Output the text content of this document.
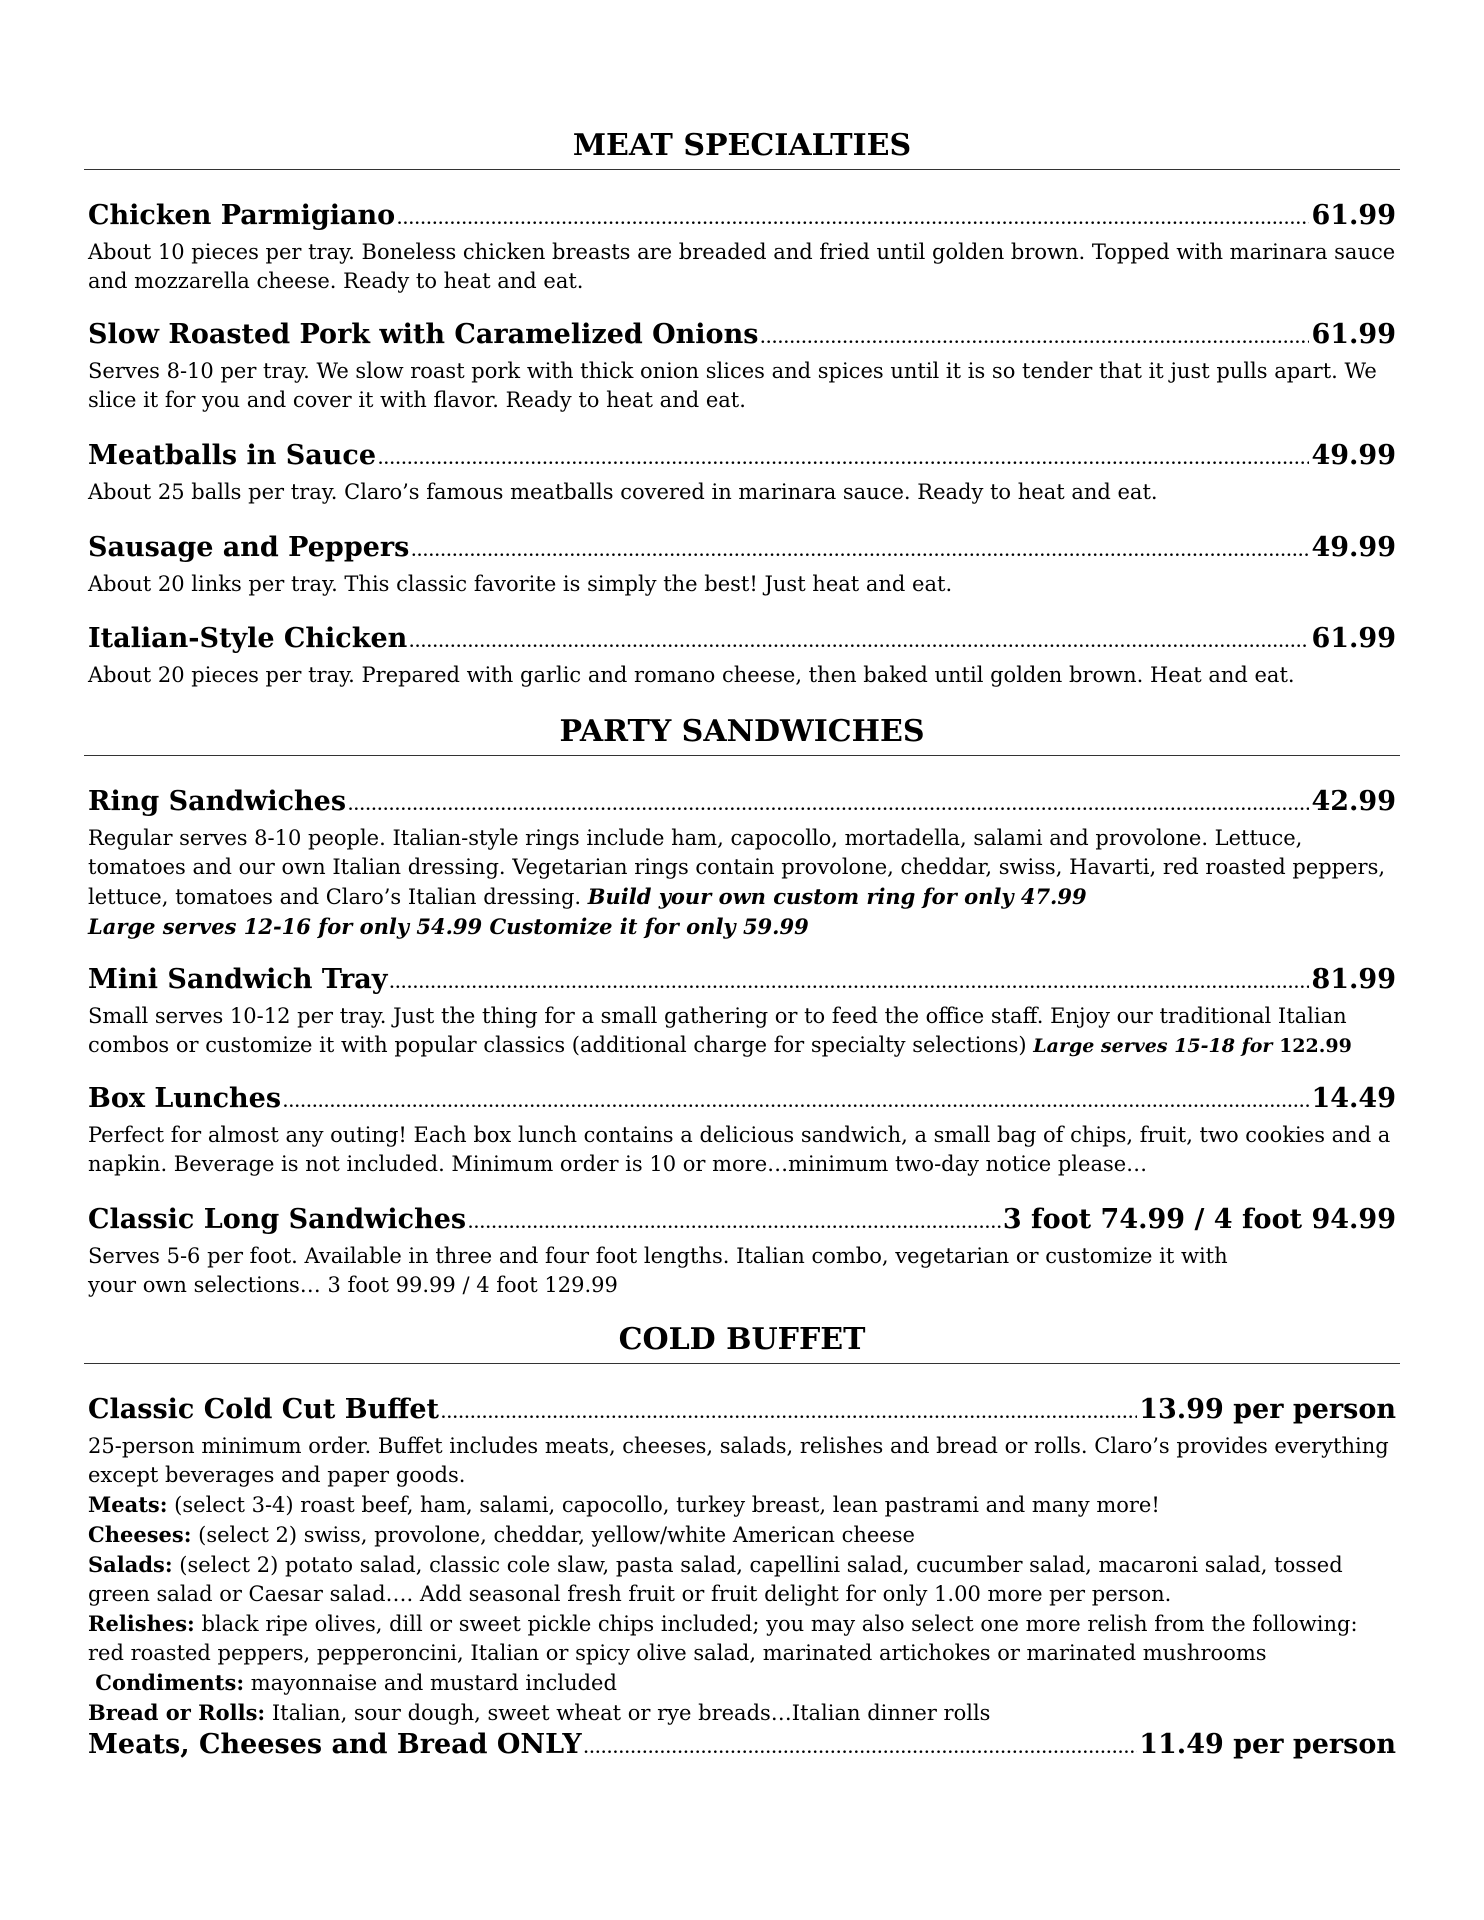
MEAT SPECIALTIES
Chicken Parmigiano .....	61.99
About 10 pieces per tray. Boneless chicken breasts are breaded and fried until golden brown. Topped with marinara sauce and mozzarella cheese. Ready to heat and eat.
Slow Roasted Pork with Caramelized Onions .....	61.99
Serves 8-10 per tray. We slow roast pork with thick onion slices and spices until it is so tender that it just pulls apart. We slice it for you and cover it with flavor. Ready to heat and eat.
Meatballs in Sauce .....	49.99
About 25 balls per tray. Claro’s famous meatballs covered in marinara sauce. Ready to heat and eat.
Sausage and Peppers .....	49.99
About 20 links per tray. This classic favorite is simply the best! Just heat and eat.
Italian-Style Chicken .....	61.99
About 20 pieces per tray. Prepared with garlic and romano cheese, then baked until golden brown. Heat and eat.
PARTY SANDWICHES
Ring Sandwiches .....	42.99
Regular serves 8-10 people. Italian-style rings include ham, capocollo, mortadella, salami and provolone. Lettuce, tomatoes and our own Italian dressing. Vegetarian rings contain provolone, cheddar, swiss, Havarti, red roasted peppers, lettuce, tomatoes and Claro’s Italian dressing. Build your own custom ring for only 47.99
Large serves 12-16 for only 54.99 Customize it for only 59.99
Mini Sandwich Tray .....	81.99
Small serves 10-12 per tray. Just the thing for a small gathering or to feed the office staff. Enjoy our traditional Italian combos or customize it with popular classics (additional charge for specialty selections) Large serves 15-18 for 122.99
Box Lunches .....	14.49
Perfect for almost any outing! Each box lunch contains a delicious sandwich, a small bag of chips, fruit, two cookies and a napkin. Beverage is not included. Minimum order is 10 or more…minimum two-day notice please…
Classic Long Sandwiches .....	3 foot 74.99 / 4 foot 94.99
Serves 5-6 per foot. Available in three and four foot lengths. Italian combo, vegetarian or customize it with
your own selections… 3 foot 99.99 / 4 foot 129.99
COLD BUFFET
Classic Cold Cut Buffet .....	13.99 per person
25-person minimum order. Buffet includes meats, cheeses, salads, relishes and bread or rolls. Claro’s provides everything except beverages and paper goods.
Meats: (select 3-4) roast beef, ham, salami, capocollo, turkey breast, lean pastrami and many more!
Cheeses: (select 2) swiss, provolone, cheddar, yellow/white American cheese
Salads: (select 2) potato salad, classic cole slaw, pasta salad, capellini salad, cucumber salad, macaroni salad, tossed green salad or Caesar salad…. Add seasonal fresh fruit or fruit delight for only 1.00 more per person.
Relishes: black ripe olives, dill or sweet pickle chips included; you may also select one more relish from the following: red roasted peppers, pepperoncini, Italian or spicy olive salad, marinated artichokes or marinated mushrooms
Condiments: mayonnaise and mustard included
Bread or Rolls: Italian, sour dough, sweet wheat or rye breads…Italian dinner rolls
Meats, Cheeses and Bread ONLY .....	11.49 per person
